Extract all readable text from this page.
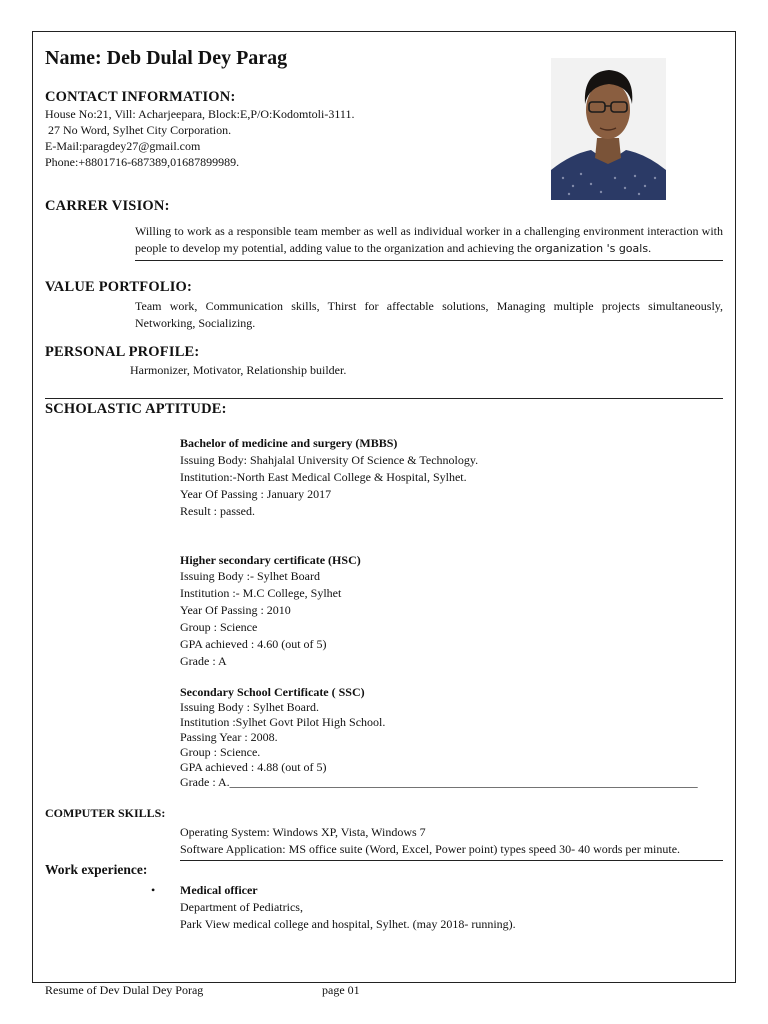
Name: Deb Dulal Dey Parag
CONTACT INFORMATION:
House No:21, Vill: Acharjeepara, Block:E,P/O:Kodomtoli-3111.
27 No Word, Sylhet City Corporation.
E-Mail:paragdey27@gmail.com
Phone:+8801716-687389,01687899989.
CARRER VISION:
Willing to work as a responsible team member as well as individual worker in a challenging environment interaction with people to develop my potential, adding value to the organization and achieving the organization 's goals.
VALUE PORTFOLIO:
Team work, Communication skills, Thirst for affectable solutions, Managing multiple projects simultaneously, Networking, Socializing.
PERSONAL PROFILE:
Harmonizer, Motivator, Relationship builder.
SCHOLASTIC APTITUDE:
Bachelor of medicine and surgery (MBBS)
Issuing Body: Shahjalal University Of Science & Technology.
Institution:-North East Medical College & Hospital, Sylhet.
Year Of Passing : January 2017
Result : passed.
Higher secondary certificate (HSC)
Issuing Body :- Sylhet Board
Institution :- M.C College, Sylhet
Year Of Passing : 2010
Group : Science
GPA achieved : 4.60 (out of 5)
Grade : A
Secondary School Certificate ( SSC)
Issuing Body : Sylhet Board.
Institution :Sylhet Govt Pilot High School.
Passing Year : 2008.
Group : Science.
GPA achieved : 4.88 (out of 5)
Grade : A.______________________________________________________________________________
COMPUTER SKILLS:
Operating System: Windows XP, Vista, Windows 7
Software Application: MS office suite (Word, Excel, Power point) types speed 30- 40 words per minute.
Work experience:
• Medical officer
Department of Pediatrics,
Park View medical college and hospital, Sylhet. (may 2018- running).
Resume of Dev Dulal Dey Porag	page 01
